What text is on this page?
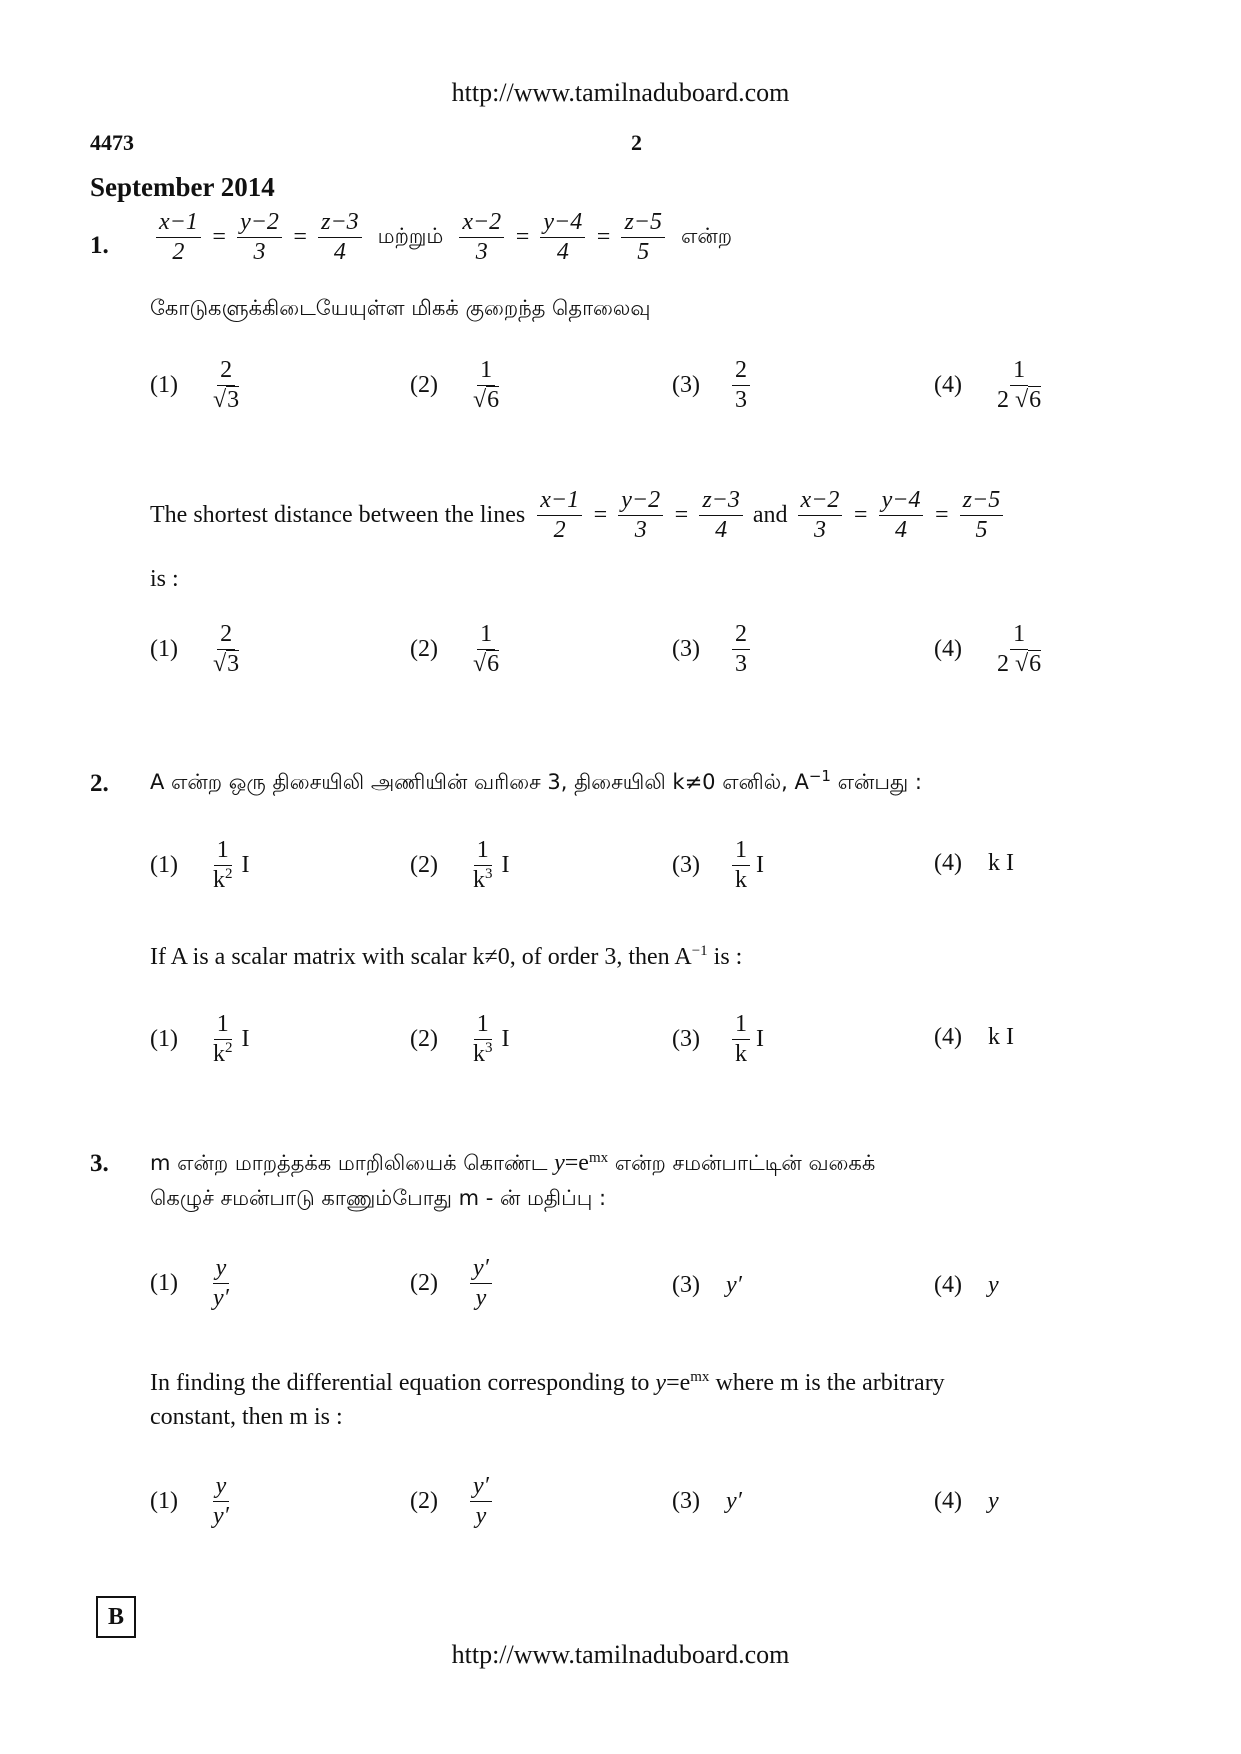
http://www.tamilnaduboard.com
4473	2
September 2014
1. $\frac{x-1}{2} = \frac{y-2}{3} = \frac{z-3}{4}$ மற்றும் $\frac{x-2}{3} = \frac{y-4}{4} = \frac{z-5}{5}$ என்ற
கோடுகளுக்கிடையேயுள்ள மிகக் குறைந்த தொலைவு
$(1) \frac{2}{√3}$	$(2) \frac{1}{√6}$	$(3) \frac{2}{3}$	$(4) \frac{1}{2 √6}$
The shortest distance between the lines $\frac{x-1}{2} = \frac{y-2}{3} = \frac{z-3}{4}$ and $\frac{x-2}{3} = \frac{y-4}{4} = \frac{z-5}{5}$
is :
$(1) \frac{2}{√3}$	$(2) \frac{1}{√6}$	$(3) \frac{2}{3}$	$(4) \frac{1}{2 √6}$
2. A என்ற ஒரு திசையிலி அணியின் வரிசை 3, திசையிலி k≠0 எனில், $A^{-1}$ என்பது :
$(1) \frac{1}{k^2}$ I	$(2) \frac{1}{k^3}$ I	$(3) \frac{1}{k}$ I	(4) k I
If A is a scalar matrix with scalar k≠0, of order 3, then $A^{-1}$ is :
$(1) \frac{1}{k^2}$ I	$(2) \frac{1}{k^3}$ I	$(3) \frac{1}{k}$ I	(4) k I
3. m என்ற மாறத்தக்க மாறிலியைக் கொண்ட $y=e^{mx}$ என்ற சமன்பாட்டின் வகைக்
கெழுச் சமன்பாடு காணும்போது m - ன் மதிப்பு :
$(1) \frac{y}{y'}$	$(2) \frac{y'}{y}$	(3) y′	(4) y
In finding the differential equation corresponding to $y=e^{mx}$ where m is the arbitrary
constant, then m is :
$(1) \frac{y}{y'}$	$(2) \frac{y'}{y}$	(3) y′	(4) y
B
http://www.tamilnaduboard.com
